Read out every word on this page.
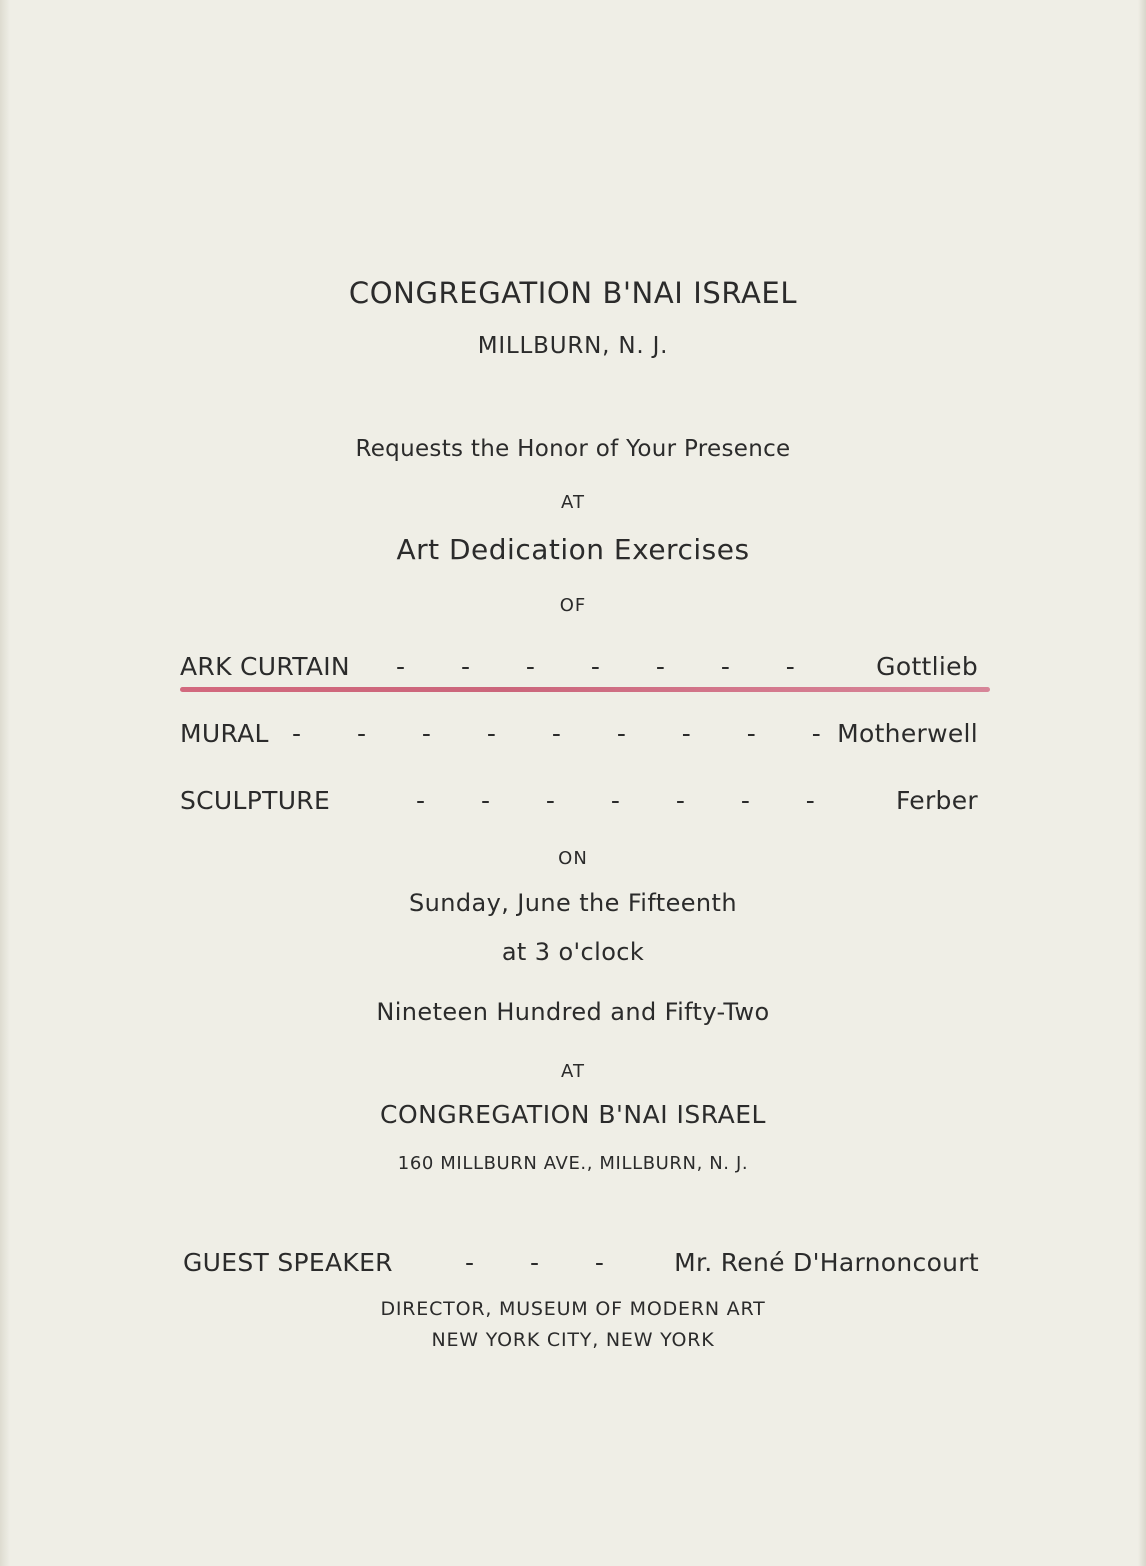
CONGREGATION B'NAI ISRAEL
MILLBURN, N. J.
Requests the Honor of Your Presence
AT
Art Dedication Exercises
OF
ARK CURTAIN - - - - - - -	Gottlieb
MURAL - - - - - - - - - Motherwell
SCULPTURE	- - - - - - -	Ferber
ON
Sunday, June the Fifteenth
at 3 o'clock
Nineteen Hundred and Fifty-Two
AT
CONGREGATION B'NAI ISRAEL
160 MILLBURN AVE., MILLBURN, N. J.
GUEST SPEAKER	- - -	Mr. René D'Harnoncourt
DIRECTOR, MUSEUM OF MODERN ART
NEW YORK CITY, NEW YORK
